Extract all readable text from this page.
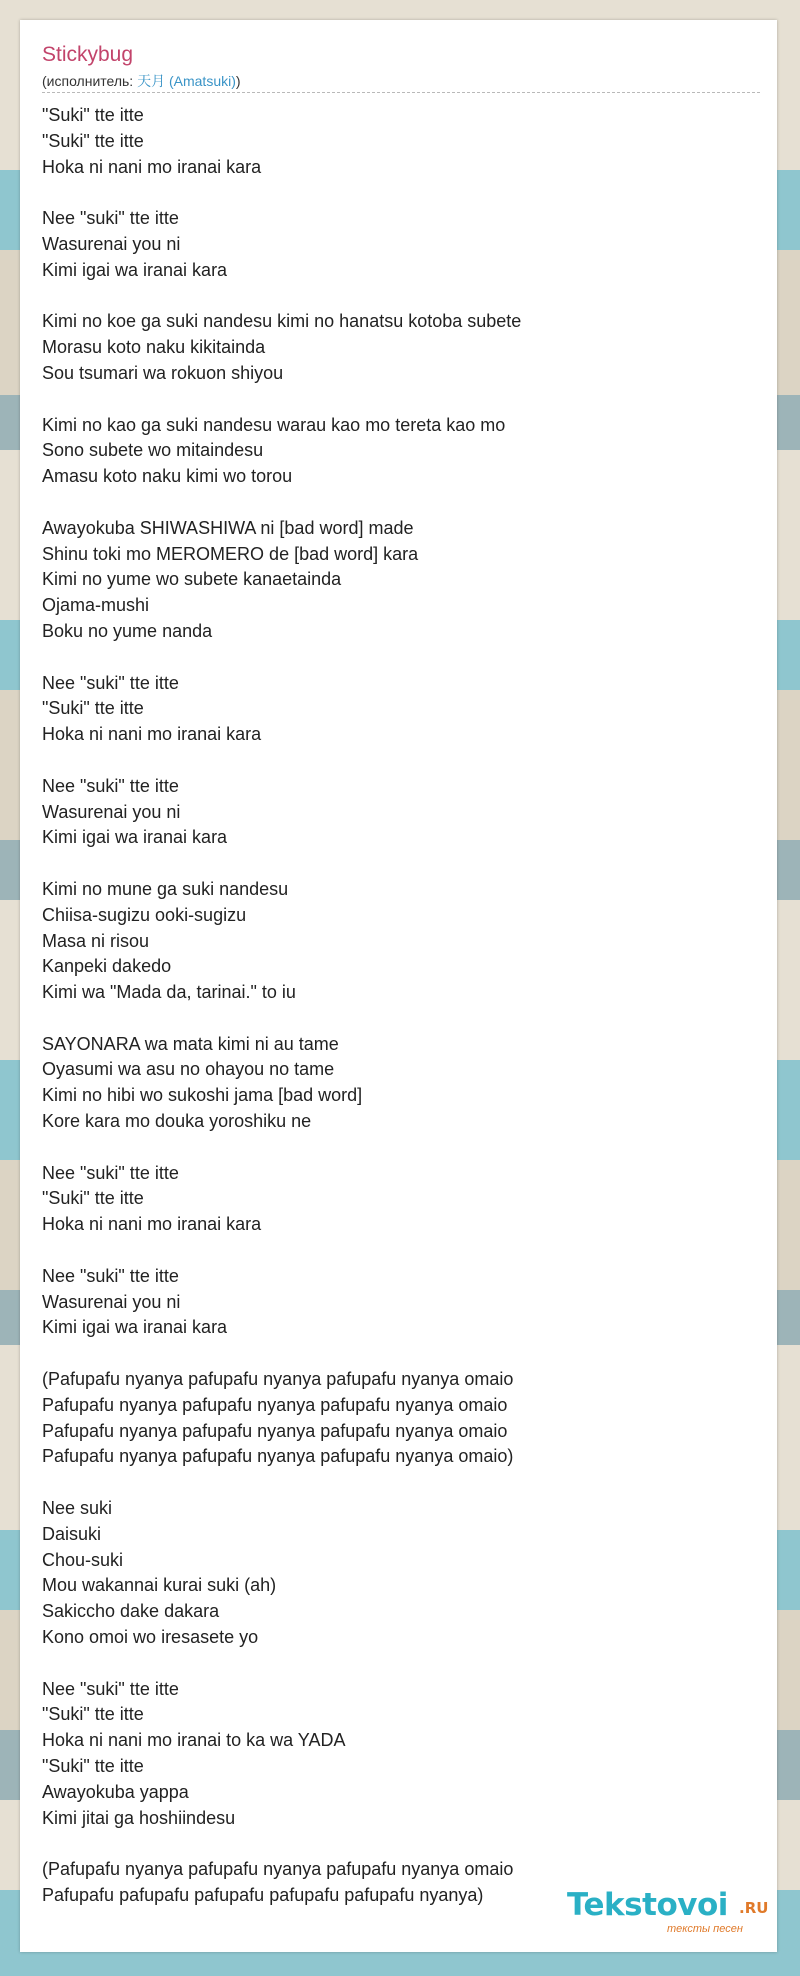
Stickybug
(исполнитель: 天月 (Amatsuki))
"Suki" tte itte
"Suki" tte itte
Hoka ni nani mo iranai kara
Nee "suki" tte itte
Wasurenai you ni
Kimi igai wa iranai kara
Kimi no koe ga suki nandesu kimi no hanatsu kotoba subete
Morasu koto naku kikitainda
Sou tsumari wa rokuon shiyou
Kimi no kao ga suki nandesu warau kao mo tereta kao mo
Sono subete wo mitaindesu
Amasu koto naku kimi wo torou
Awayokuba SHIWASHIWA ni [bad word] made
Shinu toki mo MEROMERO de [bad word] kara
Kimi no yume wo subete kanaetainda
Ojama-mushi
Boku no yume nanda
Nee "suki" tte itte
"Suki" tte itte
Hoka ni nani mo iranai kara
Nee "suki" tte itte
Wasurenai you ni
Kimi igai wa iranai kara
Kimi no mune ga suki nandesu
Chiisa-sugizu ooki-sugizu
Masa ni risou
Kanpeki dakedo
Kimi wa "Mada da, tarinai." to iu
SAYONARA wa mata kimi ni au tame
Oyasumi wa asu no ohayou no tame
Kimi no hibi wo sukoshi jama [bad word]
Kore kara mo douka yoroshiku ne
Nee "suki" tte itte
"Suki" tte itte
Hoka ni nani mo iranai kara
Nee "suki" tte itte
Wasurenai you ni
Kimi igai wa iranai kara
(Pafupafu nyanya pafupafu nyanya pafupafu nyanya omaio
Pafupafu nyanya pafupafu nyanya pafupafu nyanya omaio
Pafupafu nyanya pafupafu nyanya pafupafu nyanya omaio
Pafupafu nyanya pafupafu nyanya pafupafu nyanya omaio)
Nee suki
Daisuki
Chou-suki
Mou wakannai kurai suki (ah)
Sakiccho dake dakara
Kono omoi wo iresasete yo
Nee "suki" tte itte
"Suki" tte itte
Hoka ni nani mo iranai to ka wa YADA
"Suki" tte itte
Awayokuba yappa
Kimi jitai ga hoshiindesu
(Pafupafu nyanya pafupafu nyanya pafupafu nyanya omaio
Pafupafu pafupafu pafupafu pafupafu pafupafu nyanya)	Tekstovoi .RU
тексты песен
